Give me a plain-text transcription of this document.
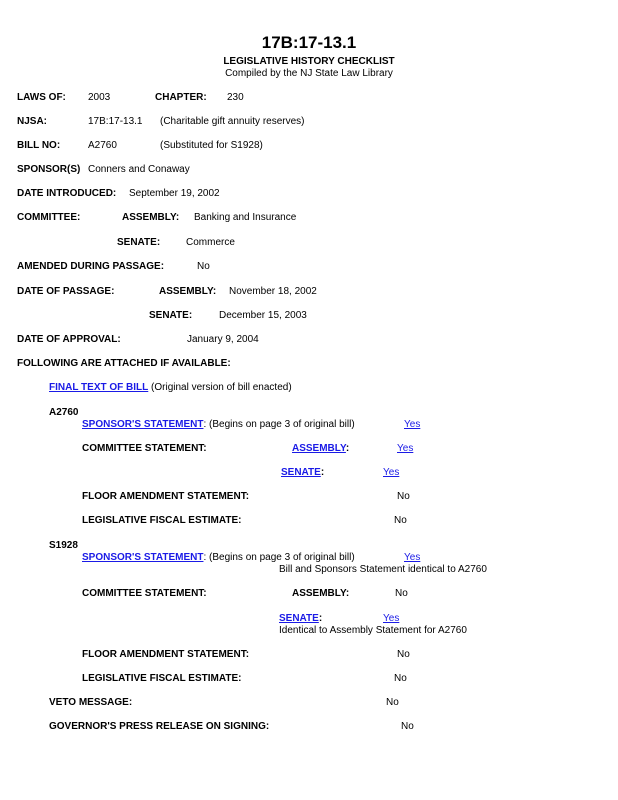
17B:17-13.1
LEGISLATIVE HISTORY CHECKLIST
Compiled by the NJ State Law Library
LAWS OF: 2003	CHAPTER: 230
NJSA:	17B:17-13.1 (Charitable gift annuity reserves)
BILL NO:	A2760	(Substituted for S1928)
SPONSOR(S) Conners and Conaway
DATE INTRODUCED: September 19, 2002
COMMITTEE:	ASSEMBLY: Banking and Insurance
SENATE:	Commerce
AMENDED DURING PASSAGE:	No
DATE OF PASSAGE:	ASSEMBLY: November 18, 2002
SENATE:	December 15, 2003
DATE OF APPROVAL:	January 9, 2004
FOLLOWING ARE ATTACHED IF AVAILABLE:
FINAL TEXT OF BILL (Original version of bill enacted)
A2760
SPONSOR'S STATEMENT: (Begins on page 3 of original bill)	Yes
COMMITTEE STATEMENT:	ASSEMBLY:	Yes
SENATE:	Yes
FLOOR AMENDMENT STATEMENT:	No
LEGISLATIVE FISCAL ESTIMATE:	No
S1928
SPONSOR'S STATEMENT: (Begins on page 3 of original bill)	Yes
Bill and Sponsors Statement identical to A2760
COMMITTEE STATEMENT:	ASSEMBLY:	No
SENATE:	Yes
Identical to Assembly Statement for A2760
FLOOR AMENDMENT STATEMENT:	No
LEGISLATIVE FISCAL ESTIMATE:	No
VETO MESSAGE:	No
GOVERNOR'S PRESS RELEASE ON SIGNING:	No
